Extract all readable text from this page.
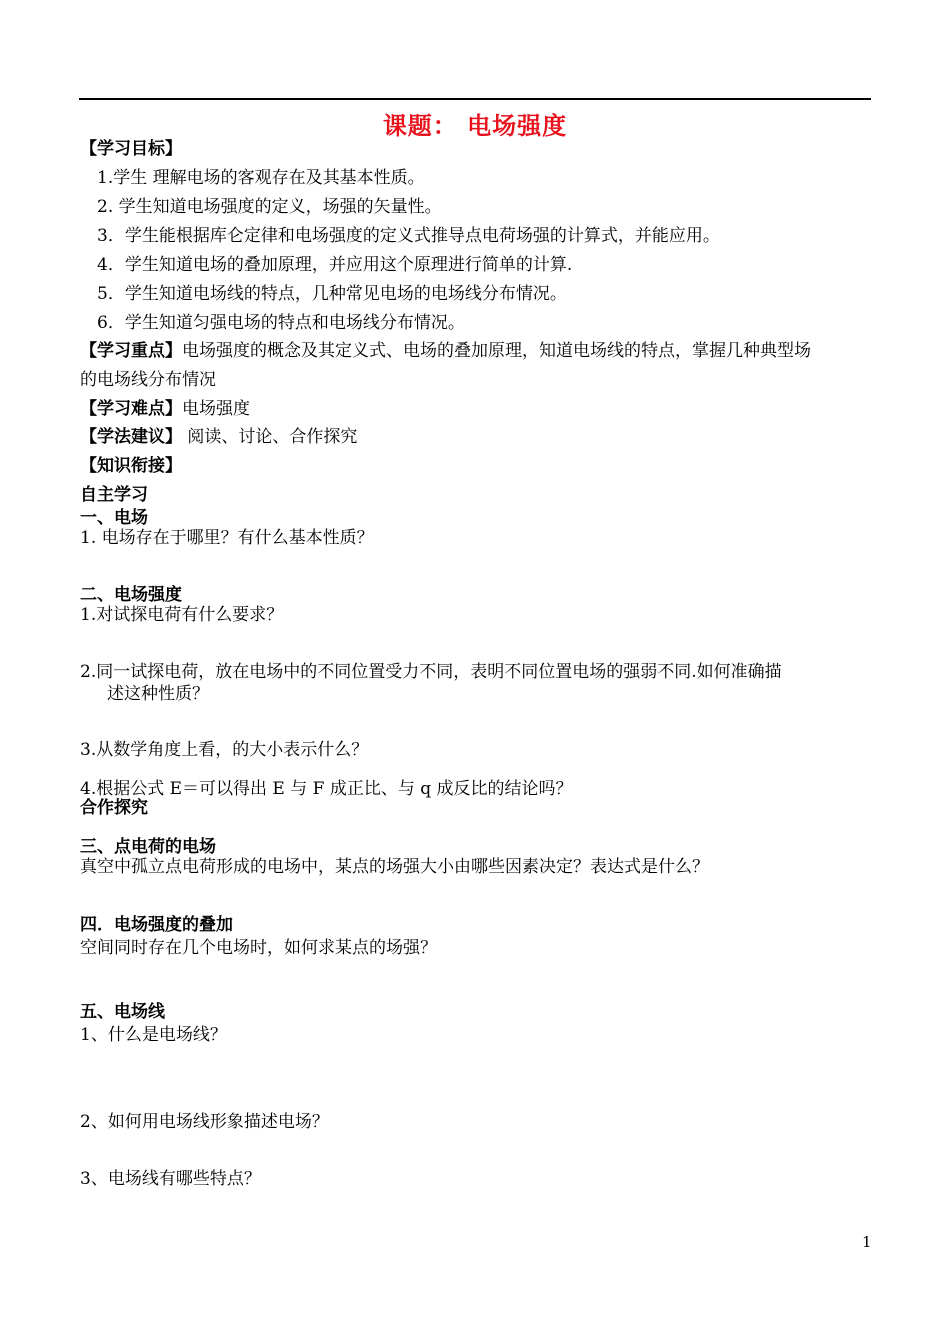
课题： 电场强度
【学习目标】
1.学生 理解电场的客观存在及其基本性质。
2. 学生知道电场强度的定义，场强的矢量性。
3．学生能根据库仑定律和电场强度的定义式推导点电荷场强的计算式，并能应用。
4．学生知道电场的叠加原理，并应用这个原理进行简单的计算.
5．学生知道电场线的特点，几种常见电场的电场线分布情况。
6．学生知道匀强电场的特点和电场线分布情况。
【学习重点】电场强度的概念及其定义式、电场的叠加原理，知道电场线的特点，掌握几种典型场
的电场线分布情况
【学习难点】电场强度
【学法建议】 阅读、讨论、合作探究
【知识衔接】
自主学习
一、电场
1. 电场存在于哪里？有什么基本性质？
二、电场强度
1.对试探电荷有什么要求？
2.同一试探电荷，放在电场中的不同位置受力不同，表明不同位置电场的强弱不同.如何准确描
述这种性质？
3.从数学角度上看，的大小表示什么？
4.根据公式 E＝可以得出 E 与 F 成正比、与 q 成反比的结论吗？
合作探究
三、点电荷的电场
真空中孤立点电荷形成的电场中，某点的场强大小由哪些因素决定？表达式是什么？
四．电场强度的叠加
空间同时存在几个电场时，如何求某点的场强？
五、电场线
1、什么是电场线？
2、如何用电场线形象描述电场？
3、电场线有哪些特点？
1
